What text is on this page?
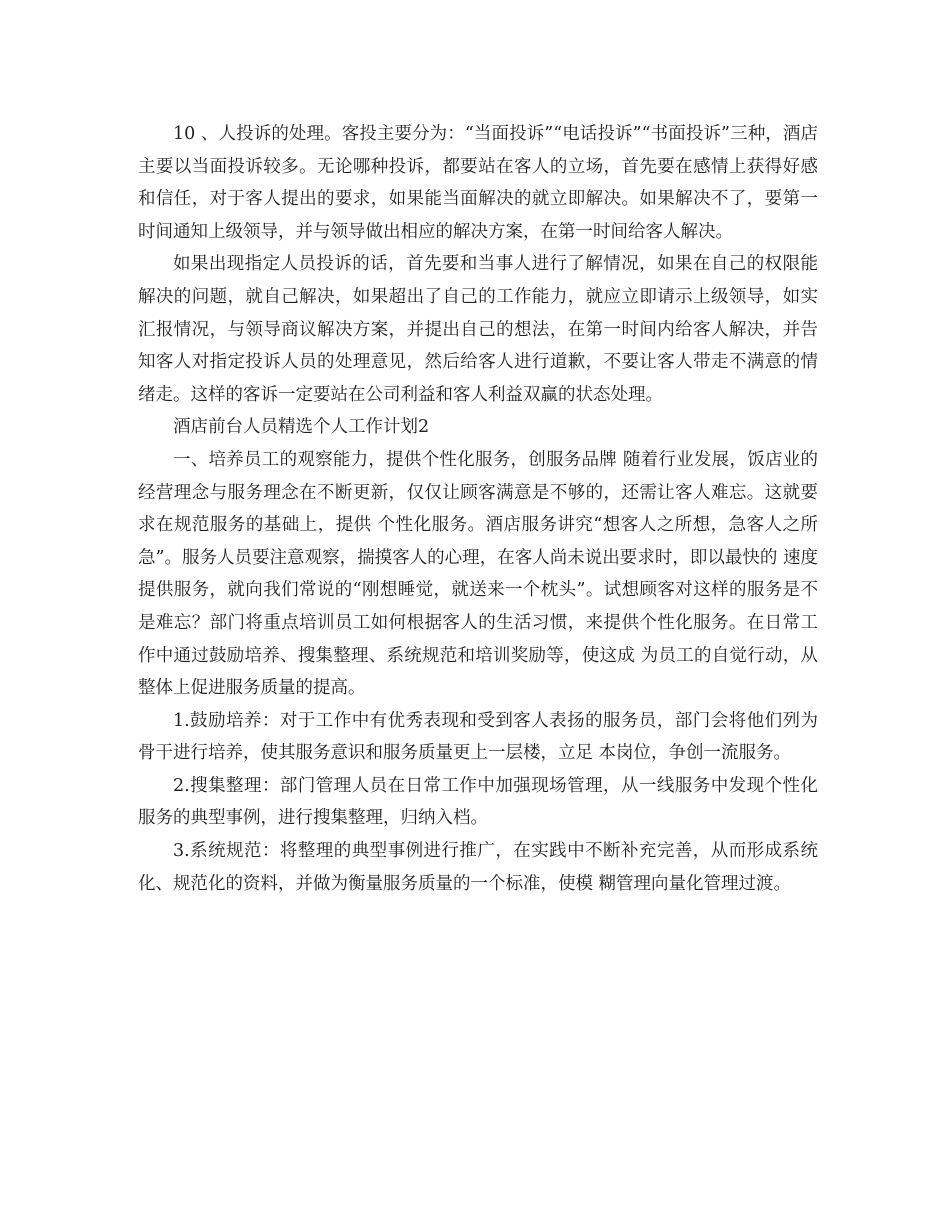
10 、人投诉的处理。客投主要分为：“当面投诉”“电话投诉”“书面投诉”三种，酒店主要以当面投诉较多。无论哪种投诉，都要站在客人的立场，首先要在感情上获得好感和信任，对于客人提出的要求，如果能当面解决的就立即解决。如果解决不了，要第一时间通知上级领导，并与领导做出相应的解决方案，在第一时间给客人解决。

如果出现指定人员投诉的话，首先要和当事人进行了解情况，如果在自己的权限能解决的问题，就自己解决，如果超出了自己的工作能力，就应立即请示上级领导，如实汇报情况，与领导商议解决方案，并提出自己的想法，在第一时间内给客人解决，并告知客人对指定投诉人员的处理意见，然后给客人进行道歉，不要让客人带走不满意的情绪走。这样的客诉一定要站在公司利益和客人利益双赢的状态处理。

酒店前台人员精选个人工作计划2

一、培养员工的观察能力，提供个性化服务，创服务品牌 随着行业发展，饭店业的经营理念与服务理念在不断更新，仅仅让顾客满意是不够的，还需让客人难忘。这就要求在规范服务的基础上，提供 个性化服务。酒店服务讲究“想客人之所想，急客人之所急”。服务人员要注意观察，揣摸客人的心理，在客人尚未说出要求时，即以最快的 速度提供服务，就向我们常说的“刚想睡觉，就送来一个枕头”。试想顾客对这样的服务是不是难忘？部门将重点培训员工如何根据客人的生活习惯，来提供个性化服务。在日常工作中通过鼓励培养、搜集整理、系统规范和培训奖励等，使这成 为员工的自觉行动，从整体上促进服务质量的提高。

1.鼓励培养：对于工作中有优秀表现和受到客人表扬的服务员，部门会将他们列为骨干进行培养，使其服务意识和服务质量更上一层楼，立足 本岗位，争创一流服务。

2.搜集整理：部门管理人员在日常工作中加强现场管理，从一线服务中发现个性化服务的典型事例，进行搜集整理，归纳入档。

3.系统规范：将整理的典型事例进行推广，在实践中不断补充完善，从而形成系统化、规范化的资料，并做为衡量服务质量的一个标准，使模 糊管理向量化管理过渡。
